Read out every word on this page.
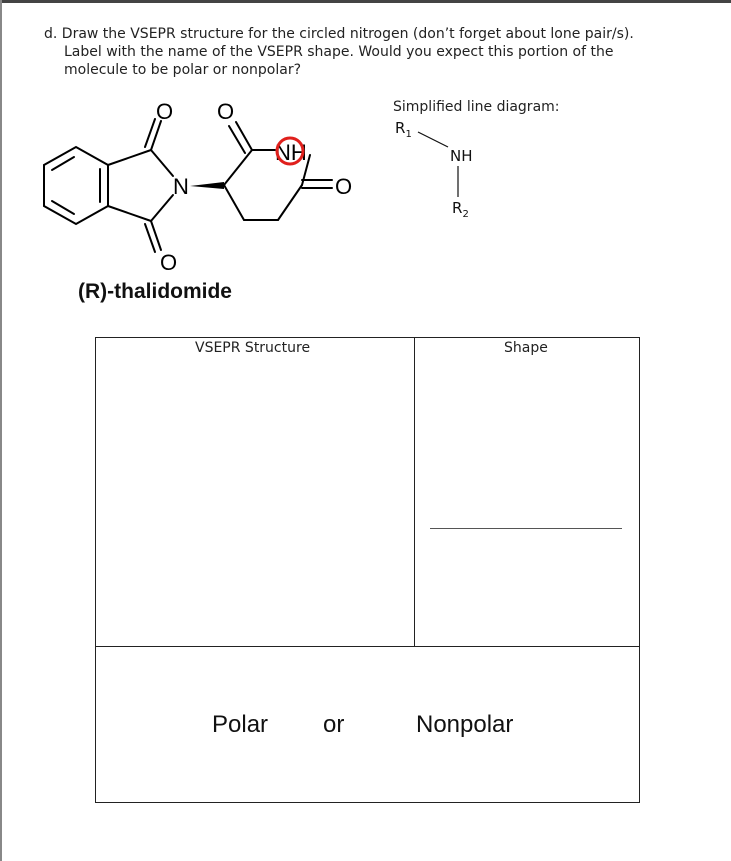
d. Draw the VSEPR structure for the circled nitrogen (don’t forget about lone pair/s).
Label with the name of the VSEPR shape. Would you expect this portion of the
molecule to be polar or nonpolar?
O O
O
O
N
NH
(R)-thalidomide
Simplified line diagram:
$R_1$
NH
$R_2$
VSEPR Structure	Shape
Polar or	Nonpolar
